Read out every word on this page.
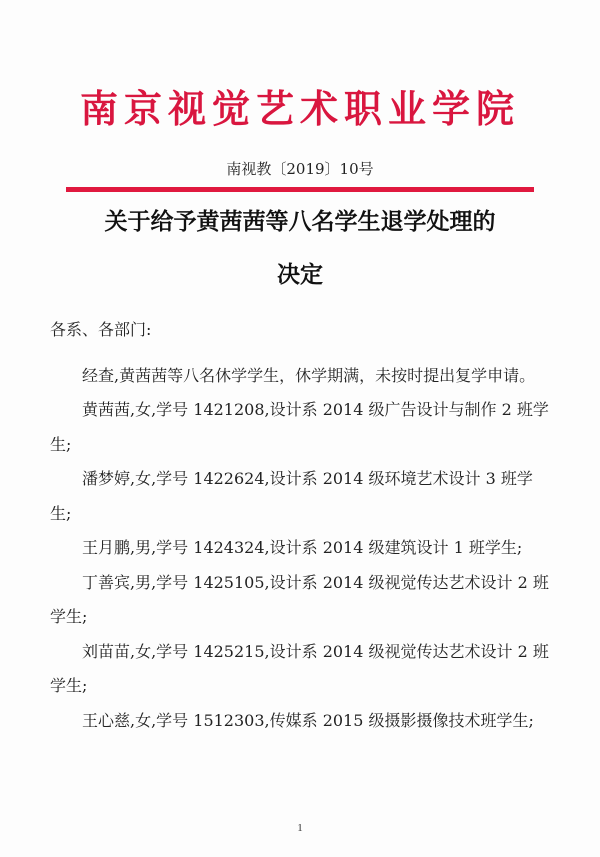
南京视觉艺术职业学院
南视教〔2019〕10号
关于给予黄茜茜等八名学生退学处理的
决定

各系、各部门:

经查,黄茜茜等八名休学学生，休学期满，未按时提出复学申请。

黄茜茜,女,学号 1421208,设计系 2014 级广告设计与制作 2 班学生;

潘梦婷,女,学号 1422624,设计系 2014 级环境艺术设计 3 班学生;

王月鹏,男,学号 1424324,设计系 2014 级建筑设计 1 班学生;

丁善宾,男,学号 1425105,设计系 2014 级视觉传达艺术设计 2 班学生;

刘苗苗,女,学号 1425215,设计系 2014 级视觉传达艺术设计 2 班学生;

王心慈,女,学号 1512303,传媒系 2015 级摄影摄像技术班学生;

1
